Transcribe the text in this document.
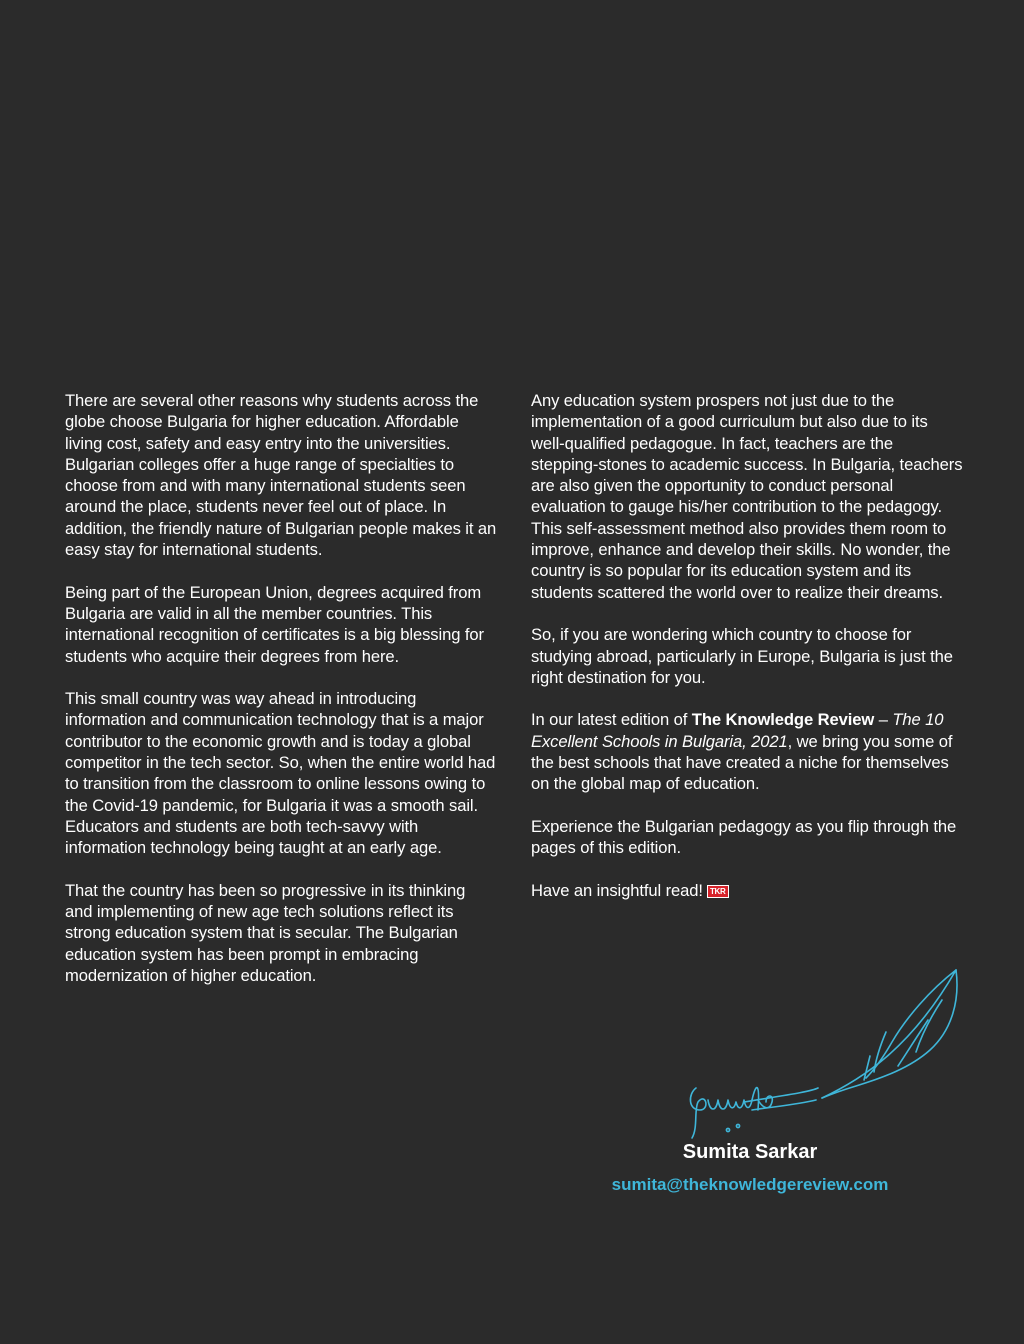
There are several other reasons why students across the globe choose Bulgaria for higher education. Affordable living cost, safety and easy entry into the universities. Bulgarian colleges offer a huge range of specialties to choose from and with many international students seen around the place, students never feel out of place. In addition, the friendly nature of Bulgarian people makes it an easy stay for international students.

Being part of the European Union, degrees acquired from Bulgaria are valid in all the member countries. This international recognition of certificates is a big blessing for students who acquire their degrees from here.

This small country was way ahead in introducing information and communication technology that is a major contributor to the economic growth and is today a global competitor in the tech sector. So, when the entire world had to transition from the classroom to online lessons owing to the Covid-19 pandemic, for Bulgaria it was a smooth sail. Educators and students are both tech-savvy with information technology being taught at an early age.

That the country has been so progressive in its thinking and implementing of new age tech solutions reflect its strong education system that is secular. The Bulgarian education system has been prompt in embracing modernization of higher education.

Any education system prospers not just due to the implementation of a good curriculum but also due to its well-qualified pedagogue. In fact, teachers are the stepping-stones to academic success. In Bulgaria, teachers are also given the opportunity to conduct personal evaluation to gauge his/her contribution to the pedagogy. This self-assessment method also provides them room to improve, enhance and develop their skills. No wonder, the country is so popular for its education system and its students scattered the world over to realize their dreams.

So, if you are wondering which country to choose for studying abroad, particularly in Europe, Bulgaria is just the right destination for you.

In our latest edition of The Knowledge Review – The 10 Excellent Schools in Bulgaria, 2021, we bring you some of the best schools that have created a niche for themselves on the global map of education.

Experience the Bulgarian pedagogy as you flip through the pages of this edition.

Have an insightful read! TKR

Sumita Sarkar
sumita@theknowledgereview.com
